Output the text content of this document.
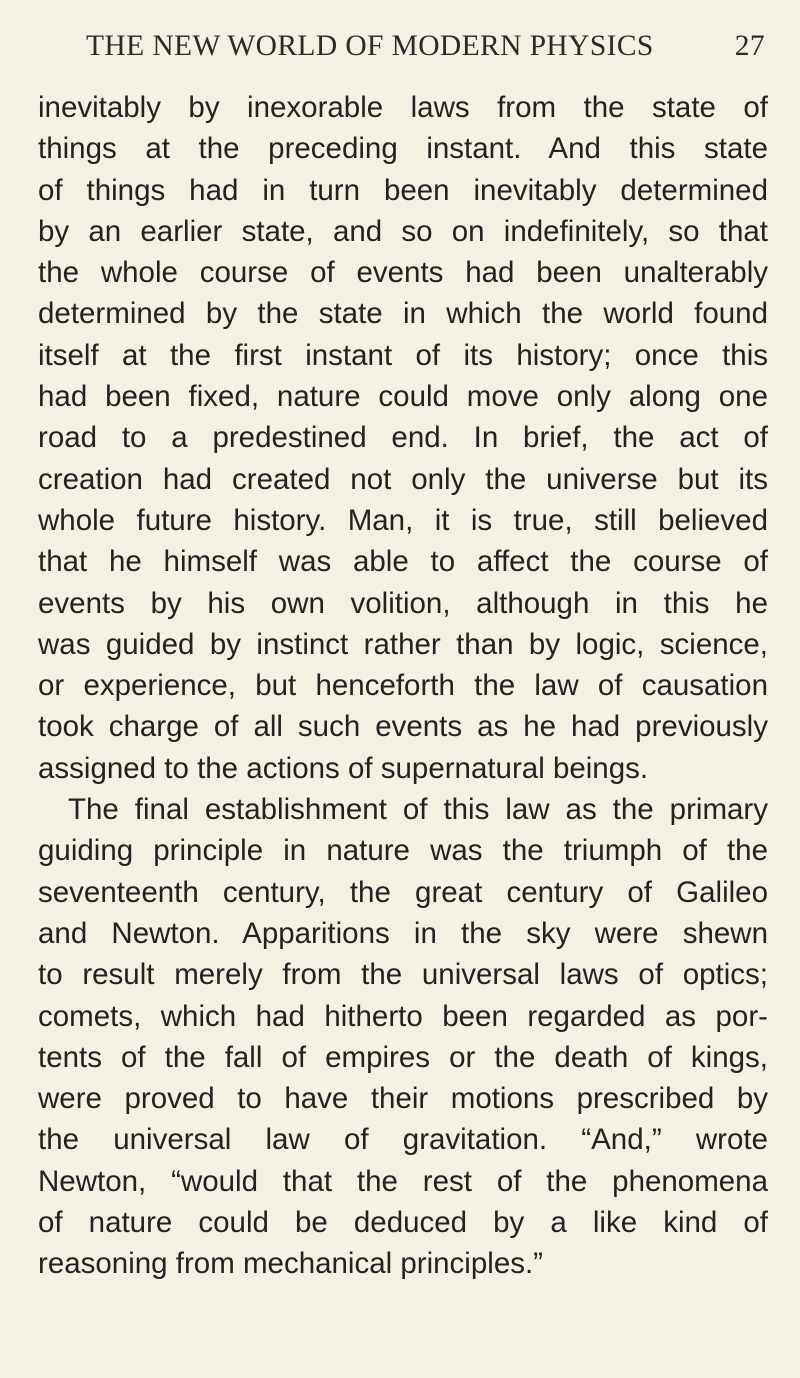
THE NEW WORLD OF MODERN PHYSICS	27
inevitably by inexorable laws from the state of
things at the preceding instant. And this state
of things had in turn been inevitably determined
by an earlier state, and so on indefinitely, so that
the whole course of events had been unalterably
determined by the state in which the world found
itself at the first instant of its history; once this
had been fixed, nature could move only along one
road to a predestined end. In brief, the act of
creation had created not only the universe but its
whole future history. Man, it is true, still believed
that he himself was able to affect the course of
events by his own volition, although in this he
was guided by instinct rather than by logic, science,
or experience, but henceforth the law of causation
took charge of all such events as he had previously
assigned to the actions of supernatural beings.
The final establishment of this law as the primary
guiding principle in nature was the triumph of the
seventeenth century, the great century of Galileo
and Newton. Apparitions in the sky were shewn
to result merely from the universal laws of optics;
comets, which had hitherto been regarded as por-
tents of the fall of empires or the death of kings,
were proved to have their motions prescribed by
the universal law of gravitation. “And,” wrote
Newton, “would that the rest of the phenomena
of nature could be deduced by a like kind of
reasoning from mechanical principles.”
